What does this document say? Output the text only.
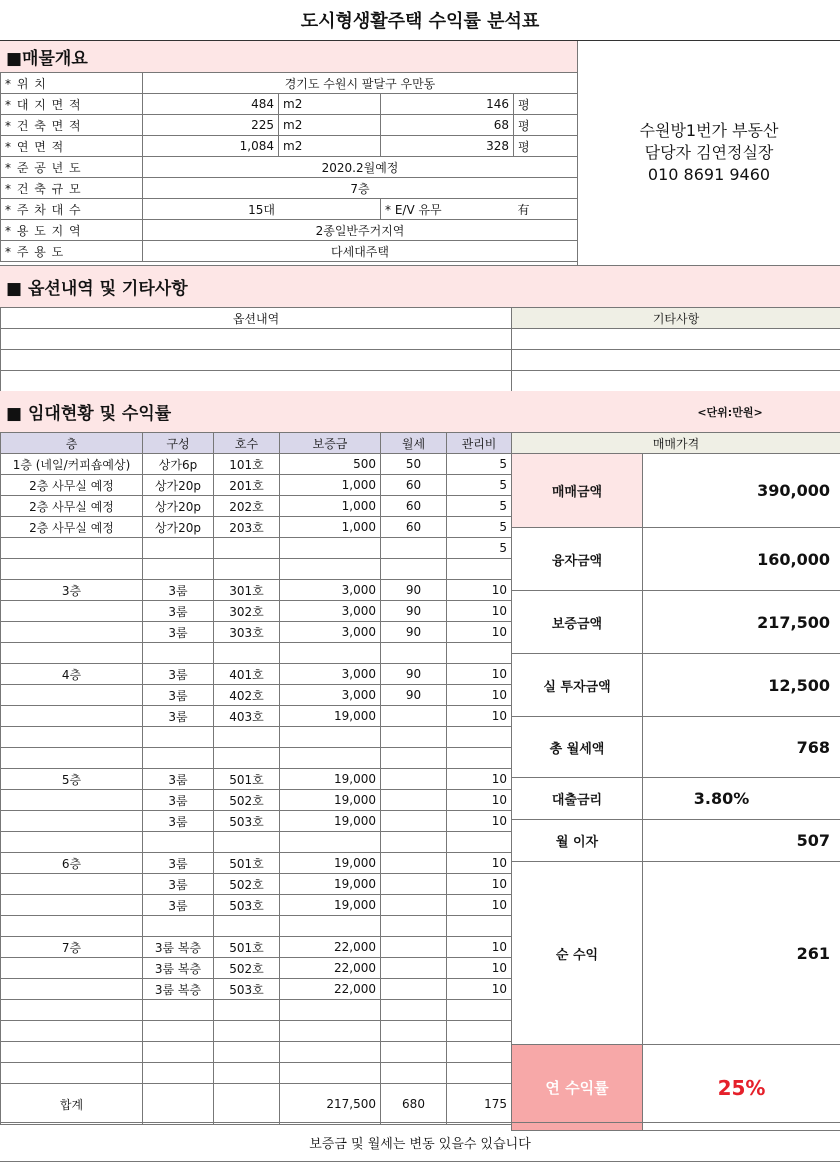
도시형생활주택 수익률 분석표
■매물개요
* 위 치	경기도 수원시 팔달구 우만동			
* 대 지 면 적	484	m2	146	평
* 건 축 면 적	225	m2	68	평
* 연 면 적	1,084	m2	328	평
* 준 공 년 도	2020.2월예정			
* 건 축 규 모	7층			
* 주 차 대 수	15대		* E/V 유무	有
* 용 도 지 역	2종일반주거지역			
* 주 용 도	다세대주택			
수원방1번가 부동산
담당자 김연정실장
010 8691 9460
■ 옵션내역 및 기타사항
옵션내역	기타사항

■ 임대현황 및 수익률	<단위:만원>
층	구성	호수	보증금	월세	관리비
1층 (네일/커피숍예상)	상가6p	101호	500	50	5
2층 사무실 예정	상가20p	201호	1,000	60	5
2층 사무실 예정	상가20p	202호	1,000	60	5
2층 사무실 예정	상가20p	203호	1,000	60	5
					5

3층	3룸	301호	3,000	90	10
	3룸	302호	3,000	90	10
	3룸	303호	3,000	90	10

4층	3룸	401호	3,000	90	10
	3룸	402호	3,000	90	10
	3룸	403호	19,000		10

5층	3룸	501호	19,000		10
	3룸	502호	19,000		10
	3룸	503호	19,000		10

6층	3룸	501호	19,000		10
	3룸	502호	19,000		10
	3룸	503호	19,000		10

7층	3룸 복층	501호	22,000		10
	3룸 복층	502호	22,000		10
	3룸 복층	503호	22,000		10

합계			217,500	680	175
매매가격
매매금액	390,000
융자금액	160,000
보증금액	217,500
실 투자금액	12,500
총 월세액	768
대출금리	3.80%
월 이자	507
순 수익	261
연 수익률	25%
보증금 및 월세는 변동 있을수 있습니다
